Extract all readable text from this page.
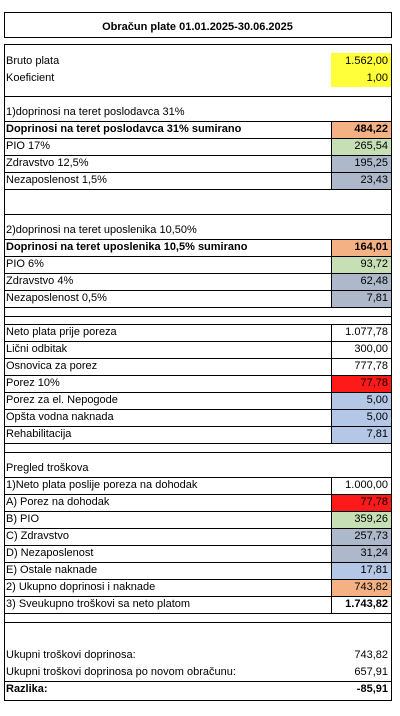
Obračun plate 01.01.2025-30.06.2025
Bruto plata	1.562,00
Koeficient	1,00
1)doprinosi na teret poslodavca 31%
Doprinosi na teret poslodavca 31% sumirano	484,22
PIO 17%	265,54
Zdravstvo 12,5%	195,25
Nezaposlenost 1,5%	23,43
2)doprinosi na teret uposlenika 10,50%
Doprinosi na teret uposlenika 10,5% sumirano	164,01
PIO 6%	93,72
Zdravstvo 4%	62,48
Nezaposlenost 0,5%	7,81
Neto plata prije poreza	1.077,78
Lični odbitak	300,00
Osnovica za porez	777,78
Porez 10%	77,78
Porez za el. Nepogode	5,00
Opšta vodna naknada	5,00
Rehabilitacija	7,81
Pregled troškova
1)Neto plata poslije poreza na dohodak	1.000,00
A) Porez na dohodak	77,78
B) PIO	359,26
C) Zdravstvo	257,73
D) Nezaposlenost	31,24
E) Ostale naknade	17,81
2) Ukupno doprinosi i naknade	743,82
3) Sveukupno troškovi sa neto platom	1.743,82
Ukupni troškovi doprinosa:	743,82
Ukupni troškovi doprinosa po novom obračunu:	657,91
Razlika:	-85,91
